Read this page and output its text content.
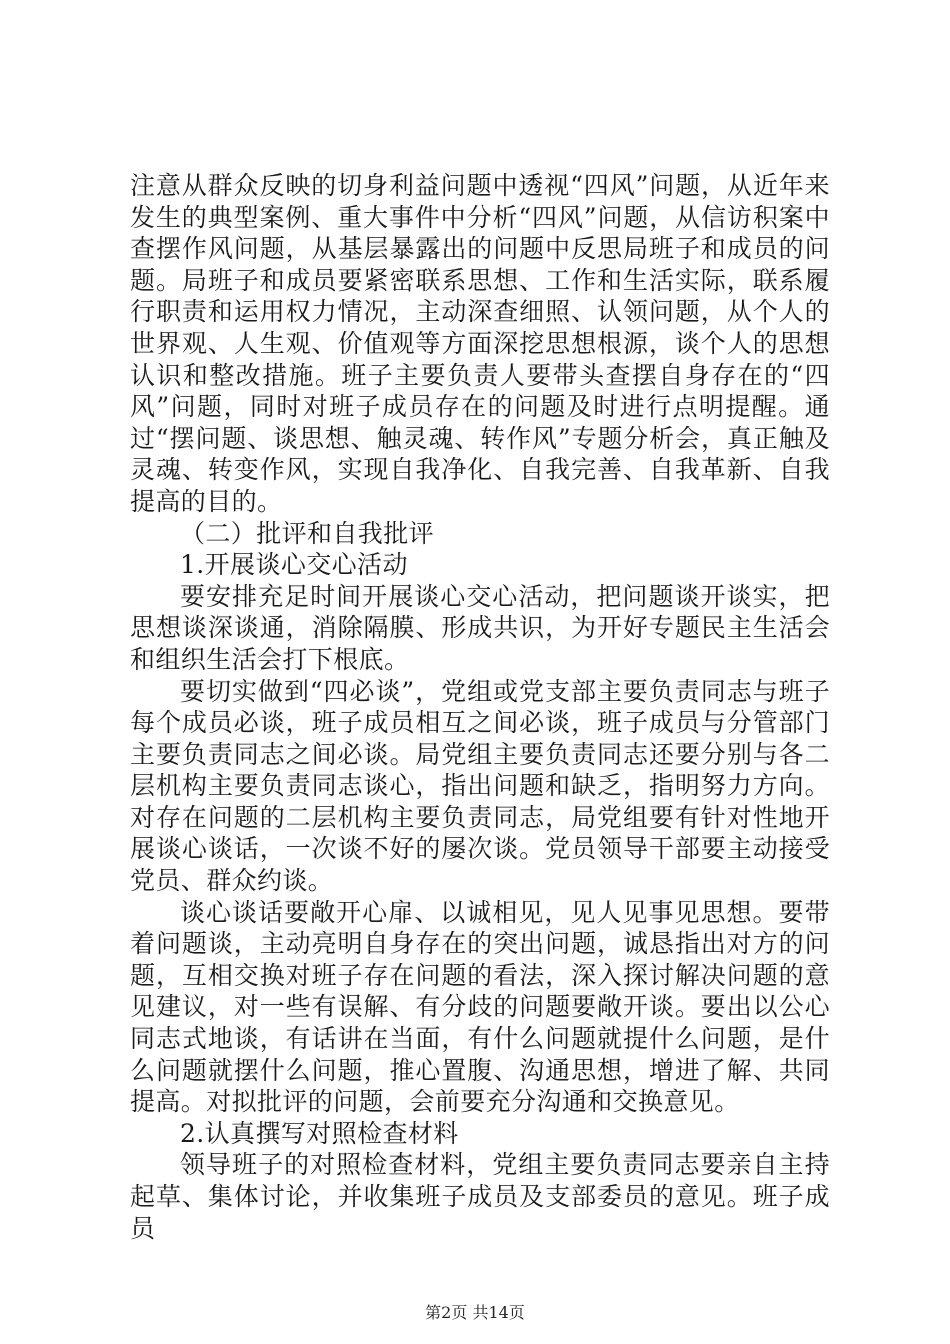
注意从群众反映的切身利益问题中透视“四风”问题，从近年来发生的典型案例、重大事件中分析“四风”问题，从信访积案中查摆作风问题，从基层暴露出的问题中反思局班子和成员的问题。局班子和成员要紧密联系思想、工作和生活实际，联系履行职责和运用权力情况，主动深查细照、认领问题，从个人的世界观、人生观、价值观等方面深挖思想根源，谈个人的思想认识和整改措施。班子主要负责人要带头查摆自身存在的“四风”问题，同时对班子成员存在的问题及时进行点明提醒。通过“摆问题、谈思想、触灵魂、转作风”专题分析会，真正触及灵魂、转变作风，实现自我净化、自我完善、自我革新、自我提高的目的。

（二）批评和自我批评

1.开展谈心交心活动

要安排充足时间开展谈心交心活动，把问题谈开谈实，把思想谈深谈通，消除隔膜、形成共识，为开好专题民主生活会和组织生活会打下根底。

要切实做到“四必谈”，党组或党支部主要负责同志与班子每个成员必谈，班子成员相互之间必谈，班子成员与分管部门主要负责同志之间必谈。局党组主要负责同志还要分别与各二层机构主要负责同志谈心，指出问题和缺乏，指明努力方向。对存在问题的二层机构主要负责同志，局党组要有针对性地开展谈心谈话，一次谈不好的屡次谈。党员领导干部要主动接受党员、群众约谈。

谈心谈话要敞开心扉、以诚相见，见人见事见思想。要带着问题谈，主动亮明自身存在的突出问题，诚恳指出对方的问题，互相交换对班子存在问题的看法，深入探讨解决问题的意见建议，对一些有误解、有分歧的问题要敞开谈。要出以公心同志式地谈，有话讲在当面，有什么问题就提什么问题，是什么问题就摆什么问题，推心置腹、沟通思想，增进了解、共同提高。对拟批评的问题，会前要充分沟通和交换意见。

2.认真撰写对照检查材料

领导班子的对照检查材料，党组主要负责同志要亲自主持起草、集体讨论，并收集班子成员及支部委员的意见。班子成员

第2页 共14页
